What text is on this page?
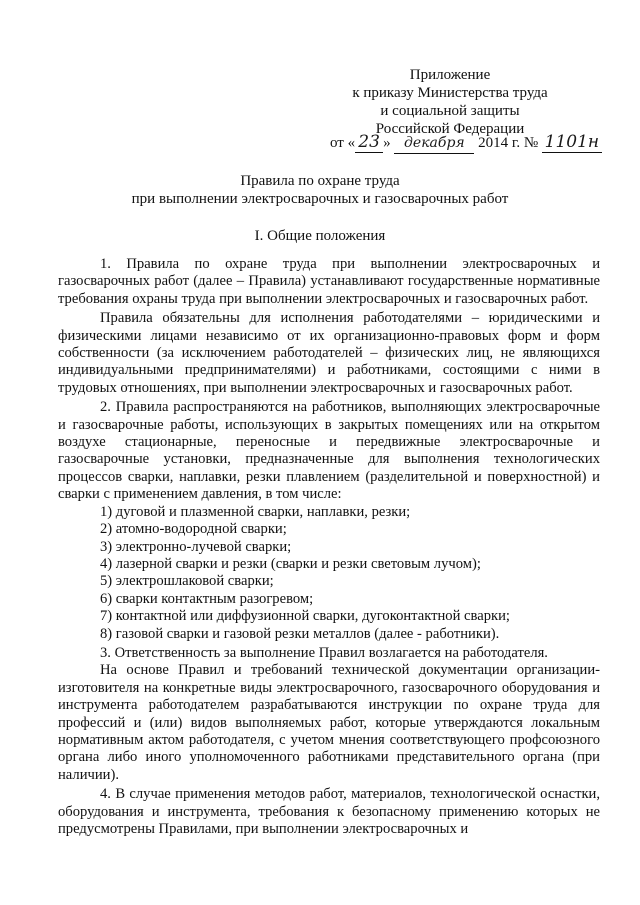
Приложение
к приказу Министерства труда
и социальной защиты
Российской Федерации
от « 23 » декабря 2014 г. № 1101н
Правила по охране труда
при выполнении электросварочных и газосварочных работ
I. Общие положения

1. Правила по охране труда при выполнении электросварочных и газосварочных работ (далее – Правила) устанавливают государственные нормативные требования охраны труда при выполнении электросварочных и газосварочных работ.

Правила обязательны для исполнения работодателями – юридическими и физическими лицами независимо от их организационно-правовых форм и форм собственности (за исключением работодателей – физических лиц, не являющихся индивидуальными предпринимателями) и работниками, состоящими с ними в трудовых отношениях, при выполнении электросварочных и газосварочных работ.

2. Правила распространяются на работников, выполняющих электросварочные и газосварочные работы, использующих в закрытых помещениях или на открытом воздухе стационарные, переносные и передвижные электросварочные и газосварочные установки, предназначенные для выполнения технологических процессов сварки, наплавки, резки плавлением (разделительной и поверхностной) и сварки с применением давления, в том числе:

1) дуговой и плазменной сварки, наплавки, резки;

2) атомно-водородной сварки;

3) электронно-лучевой сварки;

4) лазерной сварки и резки (сварки и резки световым лучом);

5) электрошлаковой сварки;

6) сварки контактным разогревом;

7) контактной или диффузионной сварки, дугоконтактной сварки;

8) газовой сварки и газовой резки металлов (далее - работники).

3. Ответственность за выполнение Правил возлагается на работодателя.

На основе Правил и требований технической документации организации-изготовителя на конкретные виды электросварочного, газосварочного оборудования и инструмента работодателем разрабатываются инструкции по охране труда для профессий и (или) видов выполняемых работ, которые утверждаются локальным нормативным актом работодателя, с учетом мнения соответствующего профсоюзного органа либо иного уполномоченного работниками представительного органа (при наличии).

4. В случае применения методов работ, материалов, технологической оснастки, оборудования и инструмента, требования к безопасному применению которых не предусмотрены Правилами, при выполнении электросварочных и
